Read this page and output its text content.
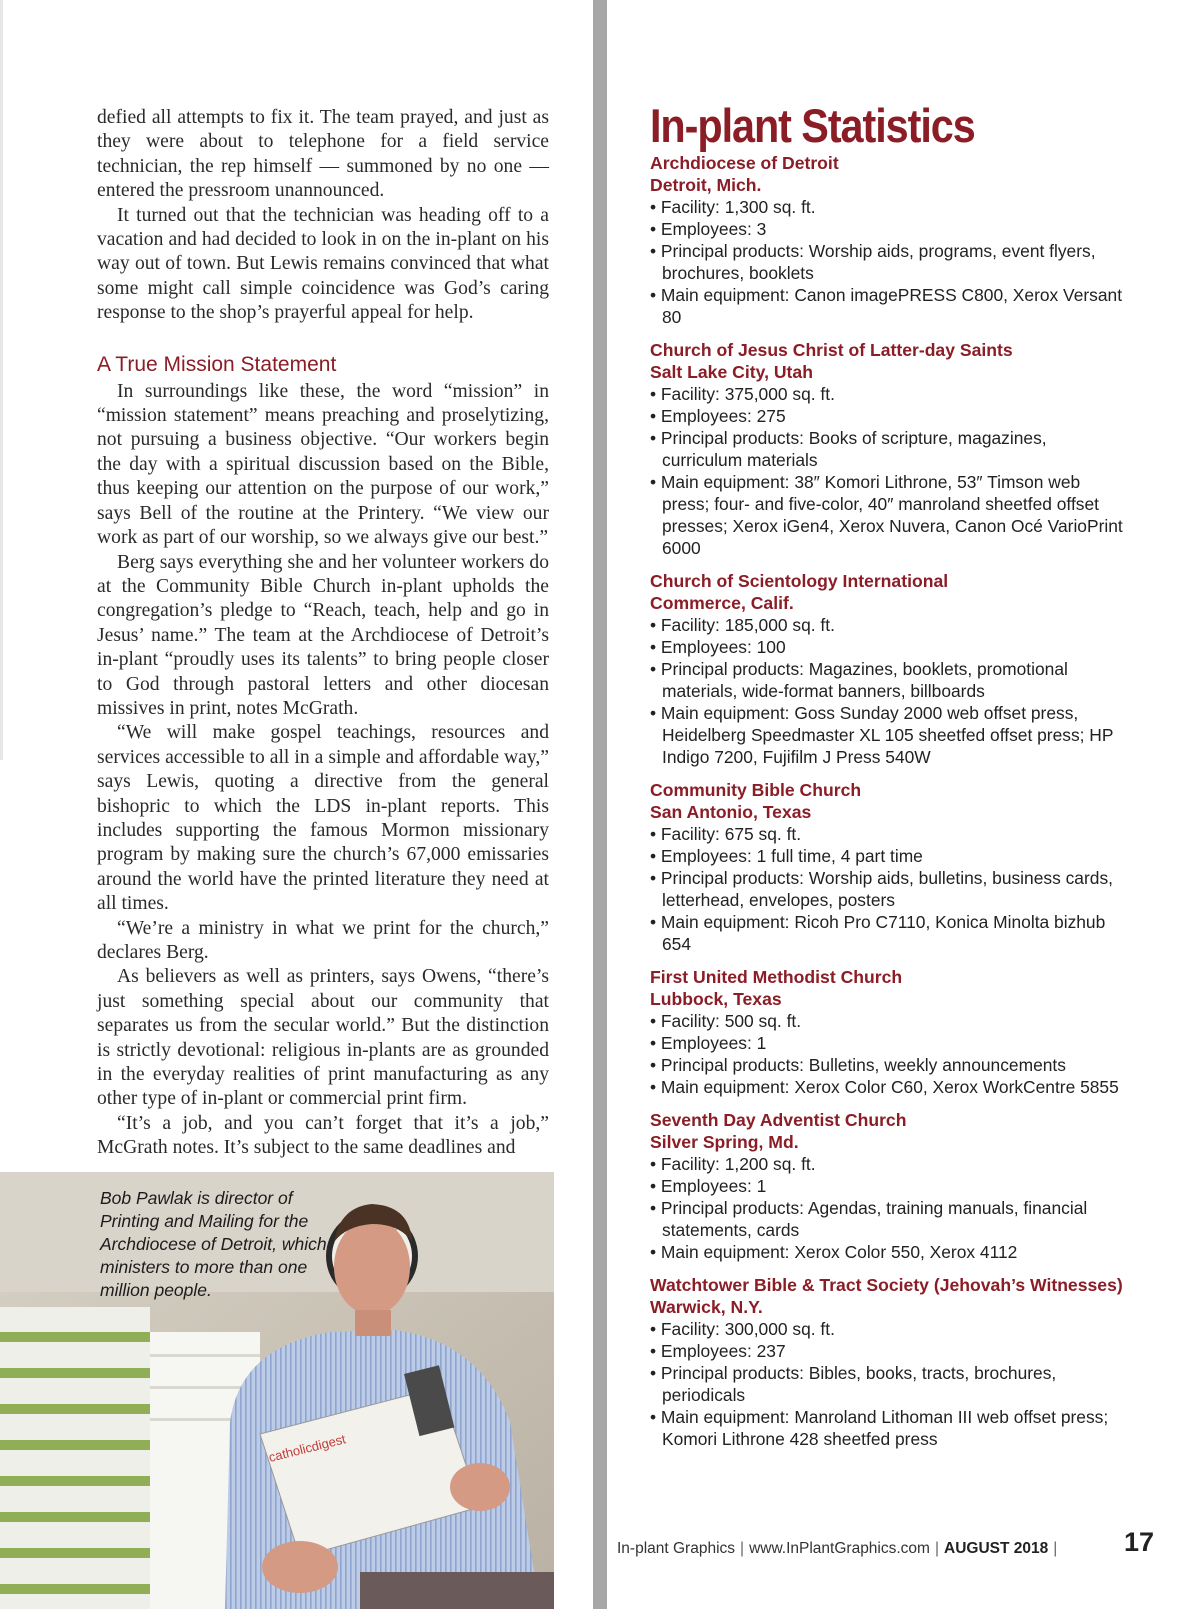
defied all attempts to fix it. The team prayed, and just as they were about to telephone for a field service technician, the rep himself — summoned by no one — entered the pressroom unannounced.

It turned out that the technician was heading off to a vacation and had decided to look in on the in-plant on his way out of town. But Lewis remains convinced that what some might call simple coincidence was God’s caring response to the shop’s prayerful appeal for help.

A True Mission Statement

In surroundings like these, the word “mission” in “mission statement” means preaching and proselytizing, not pursuing a business objective. “Our workers begin the day with a spiritual discussion based on the Bible, thus keeping our attention on the purpose of our work,” says Bell of the routine at the Printery. “We view our work as part of our worship, so we always give our best.”

Berg says everything she and her volunteer workers do at the Community Bible Church in-plant upholds the congregation’s pledge to “Reach, teach, help and go in Jesus’ name.” The team at the Archdiocese of Detroit’s in-plant “proudly uses its talents” to bring people closer to God through pastoral letters and other diocesan missives in print, notes McGrath.

“We will make gospel teachings, resources and services accessible to all in a simple and affordable way,” says Lewis, quoting a directive from the general bishopric to which the LDS in-plant reports. This includes supporting the famous Mormon missionary program by making sure the church’s 67,000 emissaries around the world have the printed literature they need at all times.

“We’re a ministry in what we print for the church,” declares Berg.

As believers as well as printers, says Owens, “there’s just something special about our community that separates us from the secular world.” But the distinction is strictly devotional: religious in-plants are as grounded in the everyday realities of print manufacturing as any other type of in-plant or commercial print firm.

“It’s a job, and you can’t forget that it’s a job,” McGrath notes. It’s subject to the same deadlines and

catholicdigest
Bob Pawlak is director of Printing and Mailing for the Archdiocese of Detroit, which ministers to more than one million people.
In-plant Statistics
Archdiocese of Detroit
Detroit, Mich.
• Facility: 1,300 sq. ft.
• Employees: 3
• Principal products: Worship aids, programs, event flyers, brochures, booklets
• Main equipment: Canon imagePRESS C800, Xerox Versant 80
Church of Jesus Christ of Latter-day Saints
Salt Lake City, Utah
• Facility: 375,000 sq. ft.
• Employees: 275
• Principal products: Books of scripture, magazines, curriculum materials
• Main equipment: 38″ Komori Lithrone, 53″ Timson web press; four- and five-color, 40″ manroland sheetfed offset presses; Xerox iGen4, Xerox Nuvera, Canon Océ VarioPrint 6000
Church of Scientology International
Commerce, Calif.
• Facility: 185,000 sq. ft.
• Employees: 100
• Principal products: Magazines, booklets, promotional materials, wide-format banners, billboards
• Main equipment: Goss Sunday 2000 web offset press, Heidelberg Speedmaster XL 105 sheetfed offset press; HP Indigo 7200, Fujifilm J Press 540W
Community Bible Church
San Antonio, Texas
• Facility: 675 sq. ft.
• Employees: 1 full time, 4 part time
• Principal products: Worship aids, bulletins, business cards, letterhead, envelopes, posters
• Main equipment: Ricoh Pro C7110, Konica Minolta bizhub 654
First United Methodist Church
Lubbock, Texas
• Facility: 500 sq. ft.
• Employees: 1
• Principal products: Bulletins, weekly announcements
• Main equipment: Xerox Color C60, Xerox WorkCentre 5855
Seventh Day Adventist Church
Silver Spring, Md.
• Facility: 1,200 sq. ft.
• Employees: 1
• Principal products: Agendas, training manuals, financial statements, cards
• Main equipment: Xerox Color 550, Xerox 4112
Watchtower Bible & Tract Society (Jehovah’s Witnesses)
Warwick, N.Y.
• Facility: 300,000 sq. ft.
• Employees: 237
• Principal products: Bibles, books, tracts, brochures, periodicals
• Main equipment: Manroland Lithoman III web offset press; Komori Lithrone 428 sheetfed press
In-plant Graphics | www.InPlantGraphics.com | AUGUST 2018 | 17
